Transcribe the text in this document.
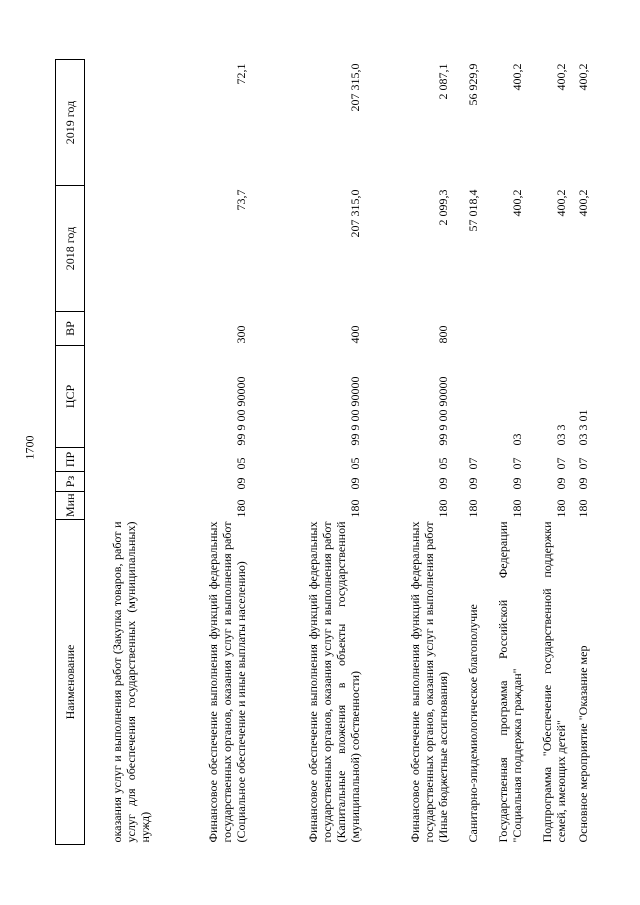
1700
Наименование	Мин	Рз	ПР	ЦСР	ВР	2018 год	2019 год
оказания услуг и выполнения работ (Закупка товаров, работ и услуг для обеспечения государственных (муниципальных) нужд)							
Финансовое обеспечение выполнения функций федеральных государственных органов, оказания услуг и выполнения работ (Социальное обеспечение и иные выплаты населению)	180	09	05	99 9 00 90000	300	73,7	72,1
Финансовое обеспечение выполнения функций федеральных государственных органов, оказания услуг и выполнения работ (Капитальные вложения в объекты государственной (муниципальной) собственности)	180	09	05	99 9 00 90000	400	207 315,0	207 315,0
Финансовое обеспечение выполнения функций федеральных государственных органов, оказания услуг и выполнения работ (Иные бюджетные ассигнования)	180	09	05	99 9 00 90000	800	2 099,3	2 087,1
Санитарно-эпидемиологическое благополучие	180	09	07			57 018,4	56 929,9
Государственная программа Российской Федерации "Социальная поддержка граждан"	180	09	07	03		400,2	400,2
Подпрограмма "Обеспечение государственной поддержки семей, имеющих детей"	180	09	07	03 3		400,2	400,2

Основное мероприятие "Оказание мер	180	09	07	03 3 01		400,2	400,2
